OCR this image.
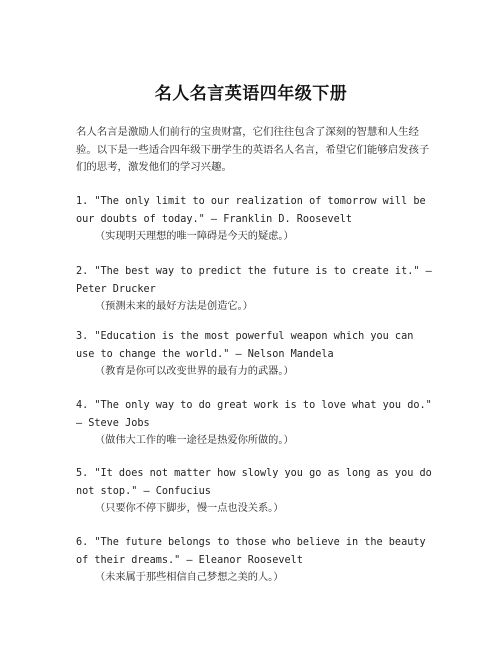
名人名言英语四年级下册
名人名言是激励人们前行的宝贵财富，它们往往包含了深刻的智慧和人生经验。以下是一些适合四年级下册学生的英语名人名言，希望它们能够启发孩子们的思考，激发他们的学习兴趣。

1. "The only limit to our realization of tomorrow will be our doubts of today." — Franklin D. Roosevelt

（实现明天理想的唯一障碍是今天的疑虑。）

2. "The best way to predict the future is to create it." — Peter Drucker

（预测未来的最好方法是创造它。）

3. "Education is the most powerful weapon which you can use to change the world." — Nelson Mandela

（教育是你可以改变世界的最有力的武器。）

4. "The only way to do great work is to love what you do." — Steve Jobs

（做伟大工作的唯一途径是热爱你所做的。）

5. "It does not matter how slowly you go as long as you do not stop." — Confucius

（只要你不停下脚步，慢一点也没关系。）

6. "The future belongs to those who believe in the beauty of their dreams." — Eleanor Roosevelt

（未来属于那些相信自己梦想之美的人。）
